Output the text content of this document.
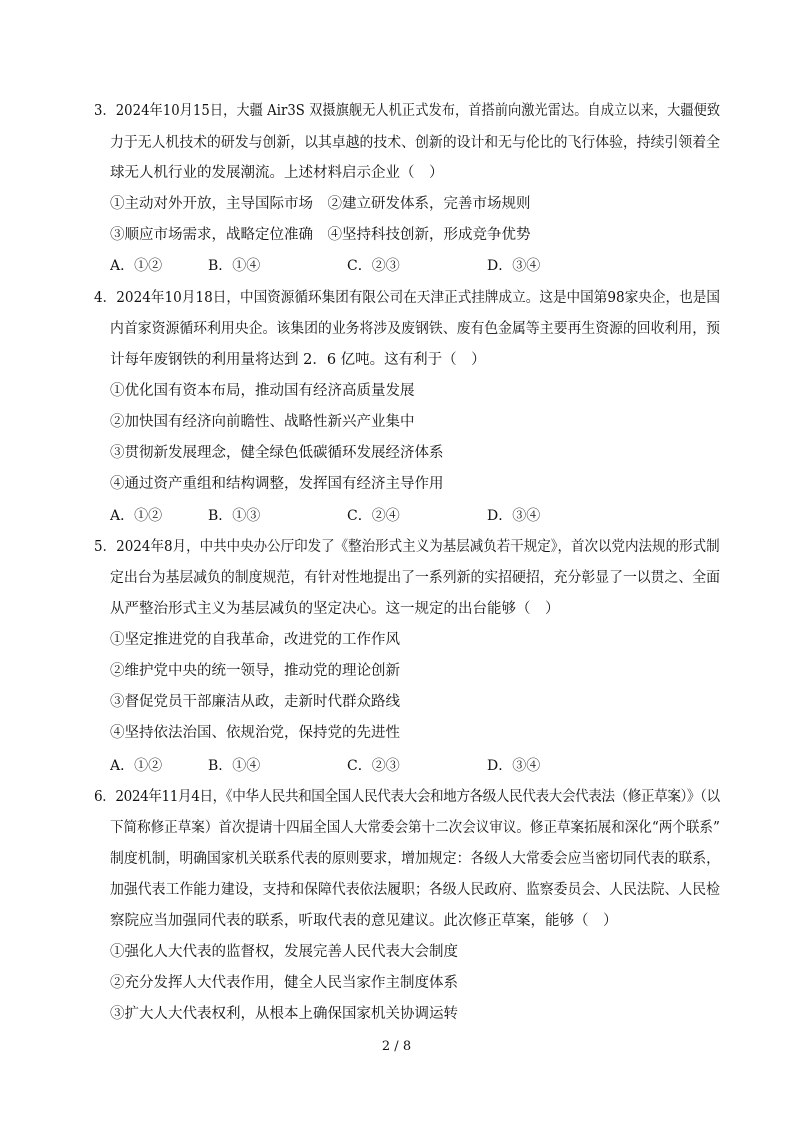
3．2024年10月15日，大疆 Air3S 双摄旗舰无人机正式发布，首搭前向激光雷达。自成立以来，大疆便致
力于无人机技术的研发与创新，以其卓越的技术、创新的设计和无与伦比的飞行体验，持续引领着全
球无人机行业的发展潮流。上述材料启示企业（　）
①主动对外开放，主导国际市场　②建立研发体系，完善市场规则
③顺应市场需求，战略定位准确　④坚持科技创新，形成竞争优势
A．①②	B．①④	C．②③	D．③④
4．2024年10月18日，中国资源循环集团有限公司在天津正式挂牌成立。这是中国第98家央企，也是国
内首家资源循环利用央企。该集团的业务将涉及废钢铁、废有色金属等主要再生资源的回收利用，预
计每年废钢铁的利用量将达到 2．6 亿吨。这有利于（　）
①优化国有资本布局，推动国有经济高质量发展
②加快国有经济向前瞻性、战略性新兴产业集中
③贯彻新发展理念，健全绿色低碳循环发展经济体系
④通过资产重组和结构调整，发挥国有经济主导作用
A．①②	B．①③	C．②④	D．③④
5．2024年8月，中共中央办公厅印发了《整治形式主义为基层减负若干规定》，首次以党内法规的形式制
定出台为基层减负的制度规范，有针对性地提出了一系列新的实招硬招，充分彰显了一以贯之、全面
从严整治形式主义为基层减负的坚定决心。这一规定的出台能够（　）
①坚定推进党的自我革命，改进党的工作作风
②维护党中央的统一领导，推动党的理论创新
③督促党员干部廉洁从政，走新时代群众路线
④坚持依法治国、依规治党，保持党的先进性
A．①②	B．①④	C．②③	D．③④
6．2024年11月4日，《中华人民共和国全国人民代表大会和地方各级人民代表大会代表法（修正草案）》（以
下简称修正草案）首次提请十四届全国人大常委会第十二次会议审议。修正草案拓展和深化“两个联系”
制度机制，明确国家机关联系代表的原则要求，增加规定：各级人大常委会应当密切同代表的联系，
加强代表工作能力建设，支持和保障代表依法履职；各级人民政府、监察委员会、人民法院、人民检
察院应当加强同代表的联系，听取代表的意见建议。此次修正草案，能够（　）
①强化人大代表的监督权，发展完善人民代表大会制度
②充分发挥人大代表作用，健全人民当家作主制度体系
③扩大人大代表权利，从根本上确保国家机关协调运转
2 / 8
